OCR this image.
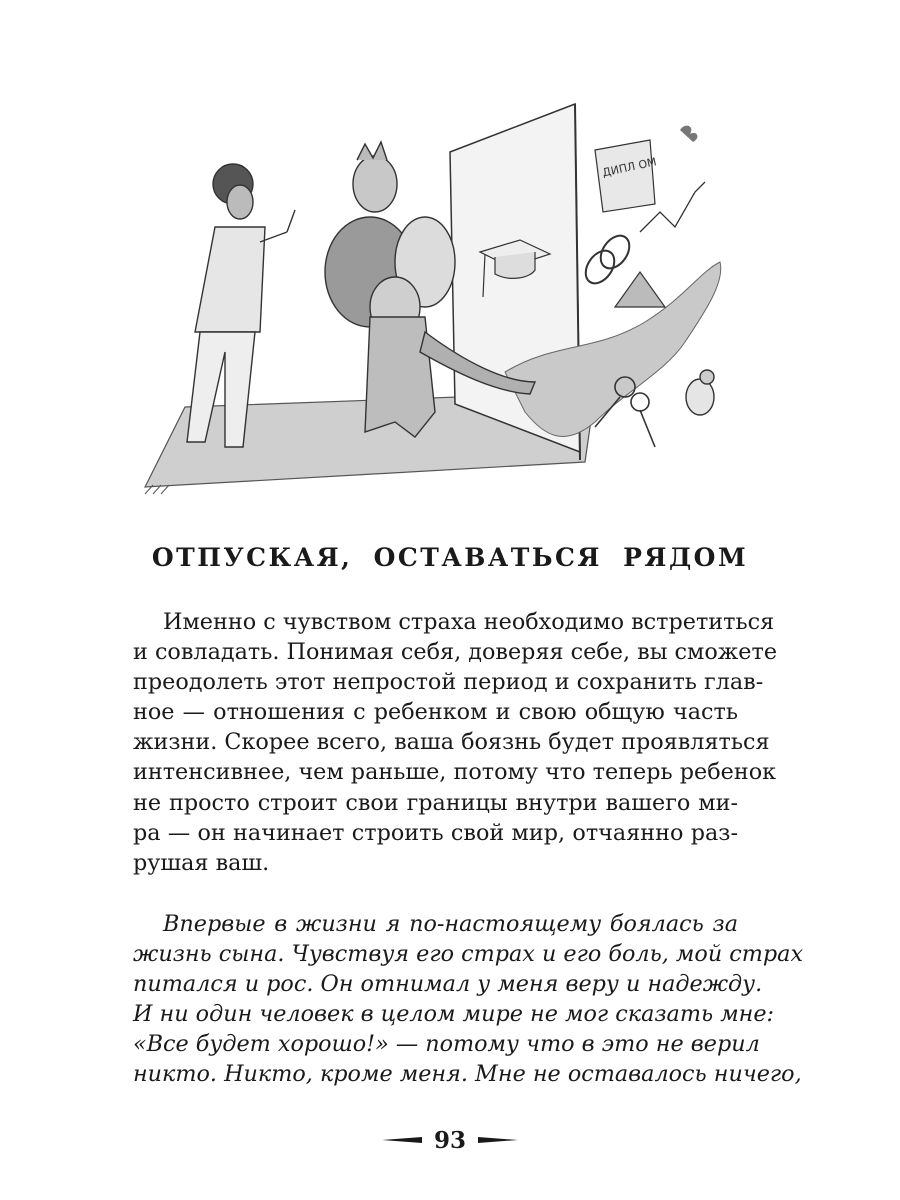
ДИПЛ ОМ
ОТПУСКАЯ, ОСТАВАТЬСЯ РЯДОМ
Именно с чувством страха необходимо встретиться
и совладать. Понимая себя, доверяя себе, вы сможете
преодолеть этот непростой период и сохранить глав-
ное — отношения с ребенком и свою общую часть
жизни. Скорее всего, ваша боязнь будет проявляться
интенсивнее, чем раньше, потому что теперь ребенок
не просто строит свои границы внутри вашего ми-
ра — он начинает строить свой мир, отчаянно раз-
рушая ваш.
Впервые в жизни я по-настоящему боялась за
жизнь сына. Чувствуя его страх и его боль, мой страх
питался и рос. Он отнимал у меня веру и надежду.
И ни один человек в целом мире не мог сказать мне:
«Все будет хорошо!» — потому что в это не верил
никто. Никто, кроме меня. Мне не оставалось ничего,
93
